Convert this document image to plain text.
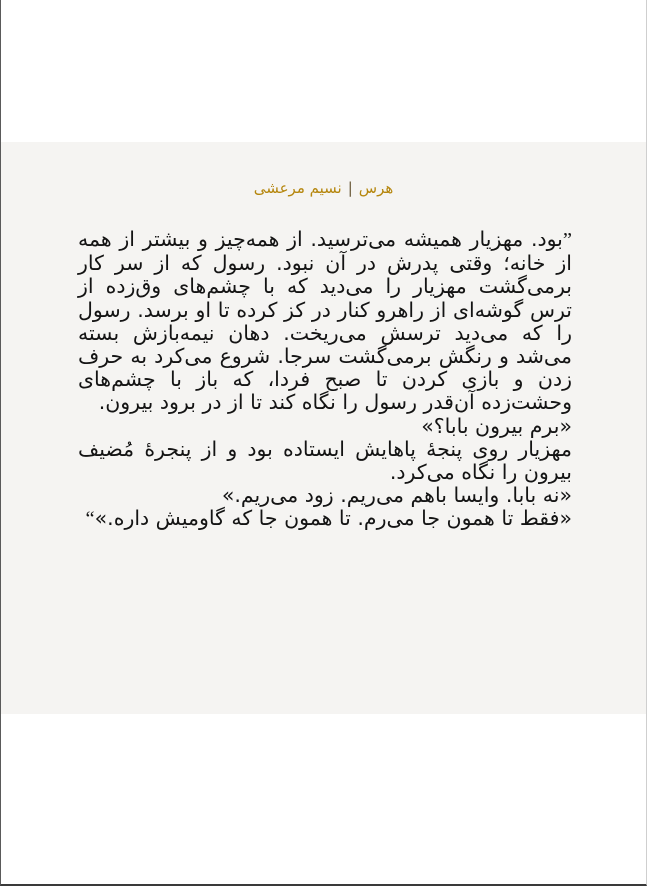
هرس|نسیم مرعشی

”بود. مهزیار همیشه می‌ترسید. از همه‌چیز و بیشتر از همه از خانه؛ وقتی پدرش در آن نبود. رسول که از سر کار برمی‌گشت مهزیار را می‌دید که با چشم‌های وق‌زده از ترس گوشه‌ای از راهرو کنار در کز کرده تا او برسد. رسول را که می‌دید ترسش می‌ریخت. دهان نیمه‌بازش بسته می‌شد و رنگش برمی‌گشت سرجا. شروع می‌کرد به حرف زدن و بازی کردن تا صبح فردا، که باز با چشم‌های وحشت‌زده آن‌قدر رسول را نگاه کند تا از در برود بیرون.

«برم بیرون بابا؟»

مهزیار روی پنجهٔ پاهایش ایستاده بود و از پنجرهٔ مُضیف بیرون را نگاه می‌کرد.

«نه بابا. وایسا باهم می‌ریم. زود می‌ریم.»

«فقط تا همون جا می‌رم. تا همون جا که گاومیش داره.»“
